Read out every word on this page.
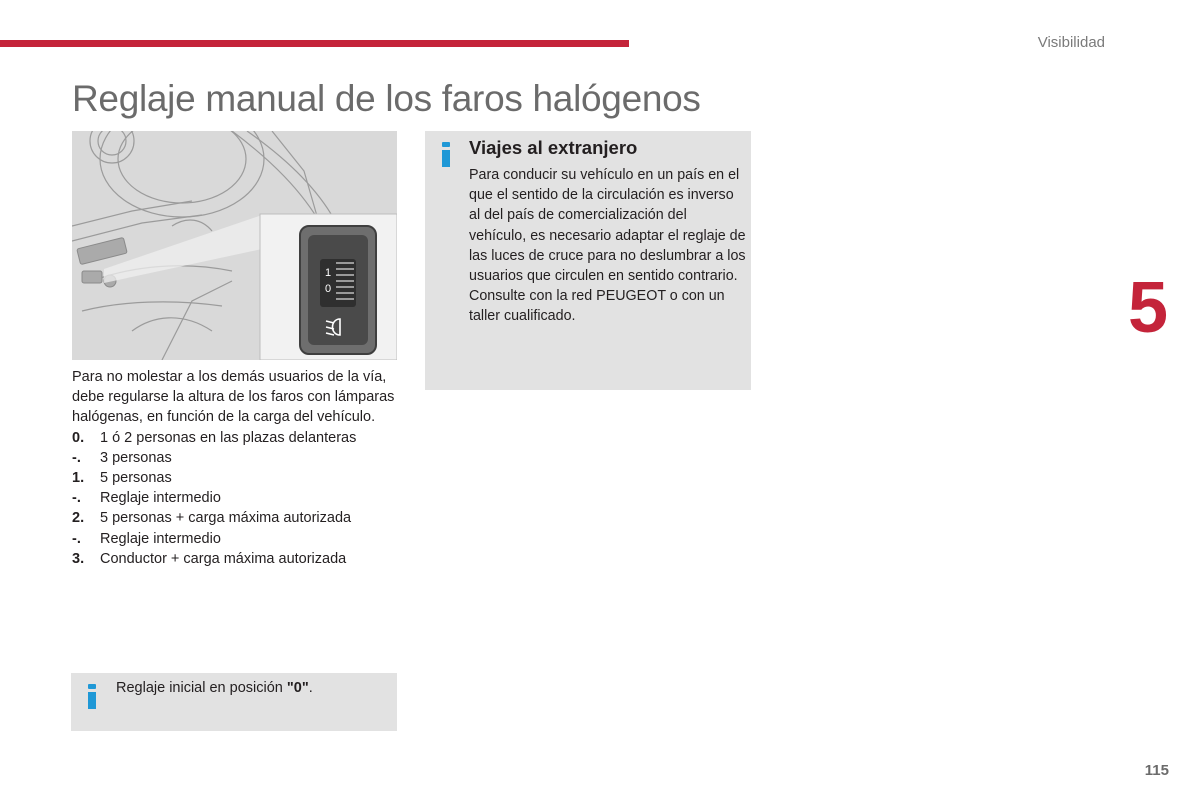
Visibilidad
Reglaje manual de los faros halógenos
1
0

Para no molestar a los demás usuarios de la vía, debe regularse la altura de los faros con lámparas halógenas, en función de la carga del vehículo.

0.	1 ó 2 personas en las plazas delanteras
-.	3 personas
1.	5 personas
-.	Reglaje intermedio
2.	5 personas + carga máxima autorizada
-.	Reglaje intermedio
3.	Conductor + carga máxima autorizada
Viajes al extranjero

Para conducir su vehículo en un país en el que el sentido de la circulación es inverso al del país de comercialización del vehículo, es necesario adaptar el reglaje de las luces de cruce para no deslumbrar a los usuarios que circulen en sentido contrario.
Consulte con la red PEUGEOT o con un taller cualificado.

Reglaje inicial en posición "0".

5
115
